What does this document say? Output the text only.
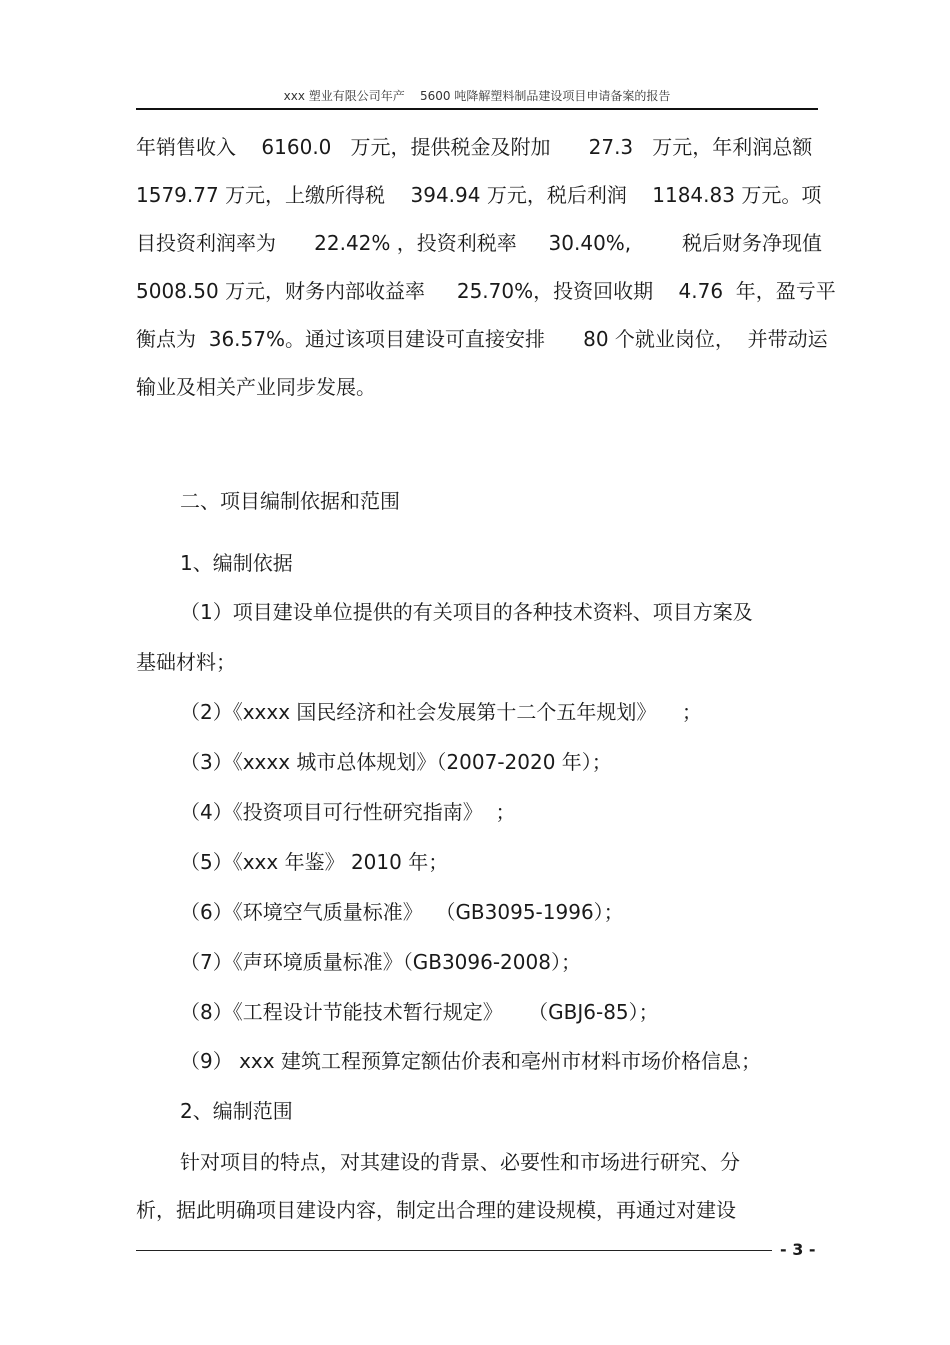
xxx 塑业有限公司年产    5600 吨降解塑料制品建设项目申请备案的报告
年销售收入    6160.0   万元，提供税金及附加      27.3   万元，年利润总额
1579.77 万元，上缴所得税    394.94 万元，税后利润    1184.83 万元。项
目投资利润率为      22.42% ，投资利税率     30.40%,        税后财务净现值
5008.50 万元，财务内部收益率     25.70%，投资回收期    4.76  年，盈亏平
衡点为  36.57%。通过该项目建设可直接安排      80 个就业岗位，  并带动运
输业及相关产业同步发展。
二、项目编制依据和范围
1、编制依据
（1）项目建设单位提供的有关项目的各种技术资料、项目方案及
基础材料；
（2）《xxxx 国民经济和社会发展第十二个五年规划》    ；
（3）《xxxx 城市总体规划》（2007-2020 年）；
（4）《投资项目可行性研究指南》  ；
（5）《xxx 年鉴》 2010 年；
（6）《环境空气质量标准》  （GB3095-1996）；
（7）《声环境质量标准》（GB3096-2008）；
（8）《工程设计节能技术暂行规定》    （GBJ6-85）；
（9） xxx 建筑工程预算定额估价表和亳州市材料市场价格信息；
2、编制范围
针对项目的特点，对其建设的背景、必要性和市场进行研究、分
析，据此明确项目建设内容，制定出合理的建设规模，再通过对建设
- 3 -
